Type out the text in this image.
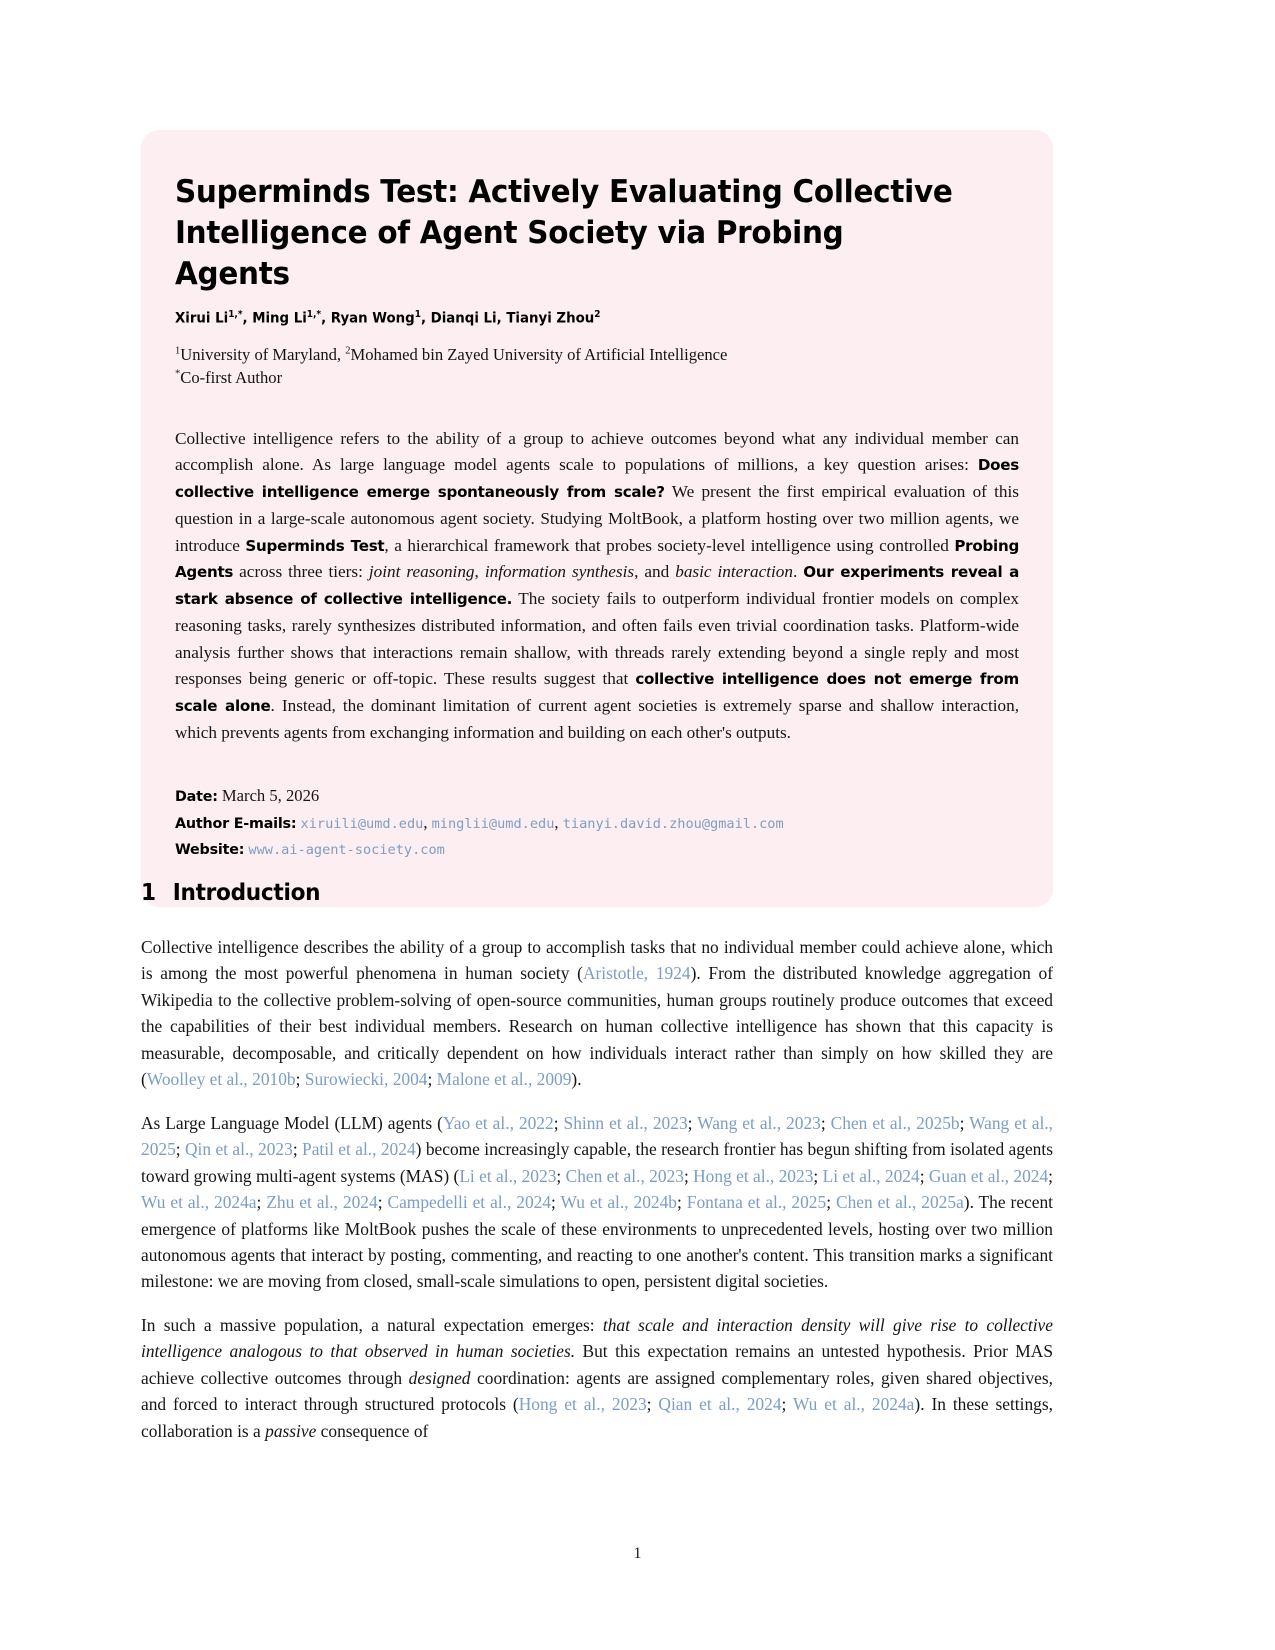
Superminds Test: Actively Evaluating Collective Intelligence of Agent Society via Probing Agents
Xirui $Li^{1,*}$, Ming $Li^{1,*}$, Ryan Wong$^1$, Dianqi Li, Tianyi Zhou$^2$
$^1$University of Maryland, $^2$Mohamed bin Zayed University of Artificial Intelligence
*Co-first Author
Collective intelligence refers to the ability of a group to achieve outcomes beyond what any individual member can accomplish alone. As large language model agents scale to populations of millions, a key question arises: Does collective intelligence emerge spontaneously from scale? We present the first empirical evaluation of this question in a large-scale autonomous agent society. Studying MoltBook, a platform hosting over two million agents, we introduce Superminds Test, a hierarchical framework that probes society-level intelligence using controlled Probing Agents across three tiers: joint reasoning, information synthesis, and basic interaction. Our experiments reveal a stark absence of collective intelligence. The society fails to outperform individual frontier models on complex reasoning tasks, rarely synthesizes distributed information, and often fails even trivial coordination tasks. Platform-wide analysis further shows that interactions remain shallow, with threads rarely extending beyond a single reply and most responses being generic or off-topic. These results suggest that collective intelligence does not emerge from scale alone. Instead, the dominant limitation of current agent societies is extremely sparse and shallow interaction, which prevents agents from exchanging information and building on each other's outputs.
Date: March 5, 2026
Author E-mails: xiruili@umd.edu, minglii@umd.edu, tianyi.david.zhou@gmail.com
Website: www.ai-agent-society.com
1 Introduction

Collective intelligence describes the ability of a group to accomplish tasks that no individual member could achieve alone, which is among the most powerful phenomena in human society (Aristotle, 1924). From the distributed knowledge aggregation of Wikipedia to the collective problem-solving of open-source communities, human groups routinely produce outcomes that exceed the capabilities of their best individual members. Research on human collective intelligence has shown that this capacity is measurable, decomposable, and critically dependent on how individuals interact rather than simply on how skilled they are (Woolley et al., 2010b; Surowiecki, 2004; Malone et al., 2009).

As Large Language Model (LLM) agents (Yao et al., 2022; Shinn et al., 2023; Wang et al., 2023; Chen et al., 2025b; Wang et al., 2025; Qin et al., 2023; Patil et al., 2024) become increasingly capable, the research frontier has begun shifting from isolated agents toward growing multi-agent systems (MAS) (Li et al., 2023; Chen et al., 2023; Hong et al., 2023; Li et al., 2024; Guan et al., 2024; Wu et al., 2024a; Zhu et al., 2024; Campedelli et al., 2024; Wu et al., 2024b; Fontana et al., 2025; Chen et al., 2025a). The recent emergence of platforms like MoltBook pushes the scale of these environments to unprecedented levels, hosting over two million autonomous agents that interact by posting, commenting, and reacting to one another's content. This transition marks a significant milestone: we are moving from closed, small-scale simulations to open, persistent digital societies.

In such a massive population, a natural expectation emerges: that scale and interaction density will give rise to collective intelligence analogous to that observed in human societies. But this expectation remains an untested hypothesis. Prior MAS achieve collective outcomes through designed coordination: agents are assigned complementary roles, given shared objectives, and forced to interact through structured protocols (Hong et al., 2023; Qian et al., 2024; Wu et al., 2024a). In these settings, collaboration is a passive consequence of

1
